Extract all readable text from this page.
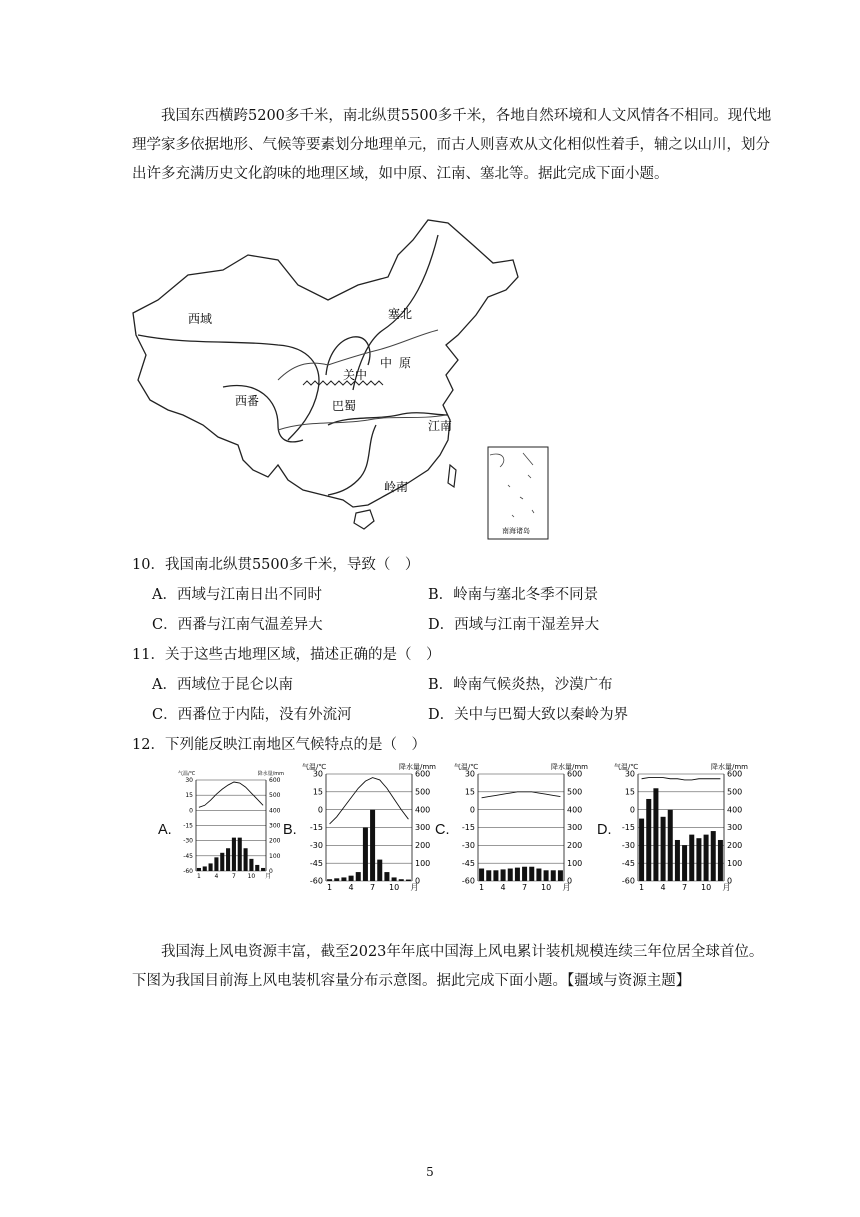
我国东西横跨5200多千米，南北纵贯5500多千米，各地自然环境和人文风情各不相同。现代地理学家多依据地形、气候等要素划分地理单元，而古人则喜欢从文化相似性着手，辅之以山川，划分出许多充满历史文化韵味的地理区域，如中原、江南、塞北等。据此完成下面小题。

西域	塞北
关中
中 原
西番	巴蜀
江南
岭南
南海诸岛
10．我国南北纵贯5500多千米，导致（　）
A．西域与江南日出不同时	B．岭南与塞北冬季不同景
C．西番与江南气温差异大	D．西域与江南干湿差异大
11．关于这些古地理区域，描述正确的是（　）
A．西域位于昆仑以南	B．岭南气候炎热，沙漠广布
C．西番位于内陆，没有外流河	D．关中与巴蜀大致以秦岭为界
12．下列能反映江南地区气候特点的是（　）
A.	B.	C.	D.
气温/℃	降水量/mm
30	600
15	500
0	400
-15	300
-30	200
-45	100
-60	0
1 4 7 10 月
气温/℃	降水量/mm
30	600
15	500
0	400
-15	300
-30	200
-45	100
-60	0
1 4 7 10 月
气温/℃	降水量/mm
30	600
15	500
0	400
-15	300
-30	200
-45	100
-60	0
1 4 7 10 月
气温/℃	降水量/mm
30	600
15	500
0	400
-15	300
-30	200
-45	100
-60	0
1 4 7 10 月

我国海上风电资源丰富，截至2023年年底中国海上风电累计装机规模连续三年位居全球首位。下图为我国目前海上风电装机容量分布示意图。据此完成下面小题。【疆域与资源主题】

5
